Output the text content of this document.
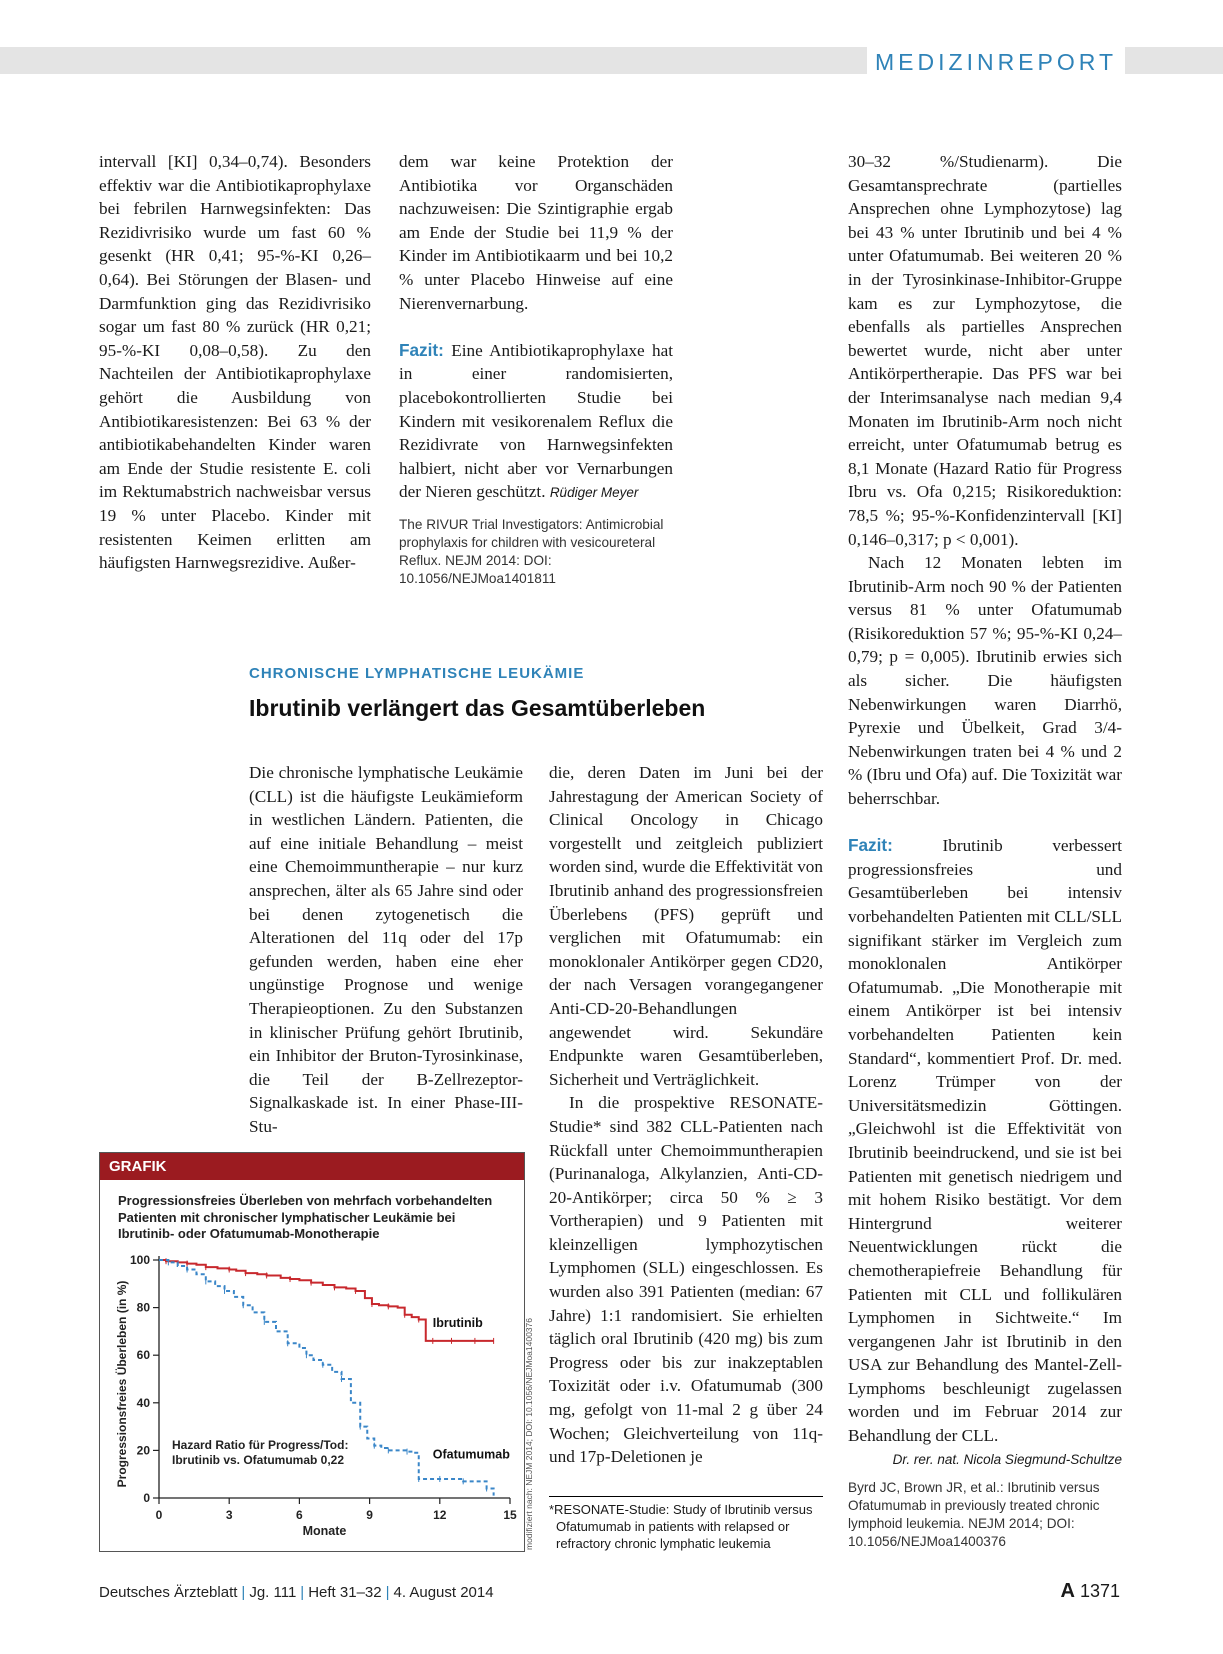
MEDIZINREPORT

intervall [KI] 0,34–0,74). Besonders effektiv war die Antibiotikaprophylaxe bei febrilen Harnwegsinfekten: Das Rezidivrisiko wurde um fast 60 % gesenkt (HR 0,41; 95-%-KI 0,26–0,64). Bei Störungen der Blasen- und Darmfunktion ging das Rezidivrisiko sogar um fast 80 % zurück (HR 0,21; 95-%-KI 0,08–0,58). Zu den Nachteilen der Antibiotikaprophylaxe gehört die Ausbildung von Antibiotikaresistenzen: Bei 63 % der antibiotikabehandelten Kinder waren am Ende der Studie resistente E. coli im Rektumabstrich nachweisbar versus 19 % unter Placebo. Kinder mit resistenten Keimen erlitten am häufigsten Harnwegsrezidive. Außer-

dem war keine Protektion der Antibiotika vor Organschäden nachzuweisen: Die Szintigraphie ergab am Ende der Studie bei 11,9 % der Kinder im Antibiotikaarm und bei 10,2 % unter Placebo Hinweise auf eine Nierenvernarbung.

Fazit: Eine Antibiotikaprophylaxe hat in einer randomisierten, placebokontrollierten Studie bei Kindern mit vesikorenalem Reflux die Rezidivrate von Harnwegsinfekten halbiert, nicht aber vor Vernarbungen der Nieren geschützt. Rüdiger Meyer

The RIVUR Trial Investigators: Antimicrobial prophylaxis for children with vesicoureteral Reflux. NEJM 2014: DOI: 10.1056/NEJMoa1401811
CHRONISCHE LYMPHATISCHE LEUKÄMIE
Ibrutinib verlängert das Gesamtüberleben

Die chronische lymphatische Leukämie (CLL) ist die häufigste Leukämieform in westlichen Ländern. Patienten, die auf eine initiale Behandlung – meist eine Chemoimmuntherapie – nur kurz ansprechen, älter als 65 Jahre sind oder bei denen zytogenetisch die Alterationen del 11q oder del 17p gefunden werden, haben eine eher ungünstige Prognose und wenige Therapieoptionen. Zu den Substanzen in klinischer Prüfung gehört Ibrutinib, ein Inhibitor der Bruton-Tyrosinkinase, die Teil der B-Zellrezeptor-Signalkaskade ist. In einer Phase-III-Stu-

die, deren Daten im Juni bei der Jahrestagung der American Society of Clinical Oncology in Chicago vorgestellt und zeitgleich publiziert worden sind, wurde die Effektivität von Ibrutinib anhand des progressionsfreien Überlebens (PFS) geprüft und verglichen mit Ofatumumab: ein monoklonaler Antikörper gegen CD20, der nach Versagen vorangegangener Anti-CD-20-Behandlungen angewendet wird. Sekundäre Endpunkte waren Gesamtüberleben, Sicherheit und Verträglichkeit.

In die prospektive RESONATE-Studie* sind 382 CLL-Patienten nach Rückfall unter Chemoimmuntherapien (Purinanaloga, Alkylanzien, Anti-CD-20-Antikörper; circa 50 % ≥ 3 Vortherapien) und 9 Patienten mit kleinzelligen lymphozytischen Lymphomen (SLL) eingeschlossen. Es wurden also 391 Patienten (median: 67 Jahre) 1:1 randomisiert. Sie erhielten täglich oral Ibrutinib (420 mg) bis zum Progress oder bis zur inakzeptablen Toxizität oder i.v. Ofatumumab (300 mg, gefolgt von 11-mal 2 g über 24 Wochen; Gleichverteilung von 11q- und 17p-Deletionen je

*RESONATE-Studie: Study of Ibrutinib versus
Ofatumumab in patients with relapsed or
refractory chronic lymphatic leukemia

30–32 %/Studienarm). Die Gesamtansprechrate (partielles Ansprechen ohne Lymphozytose) lag bei 43 % unter Ibrutinib und bei 4 % unter Ofatumumab. Bei weiteren 20 % in der Tyrosinkinase-Inhibitor-Gruppe kam es zur Lymphozytose, die ebenfalls als partielles Ansprechen bewertet wurde, nicht aber unter Antikörpertherapie. Das PFS war bei der Interimsanalyse nach median 9,4 Monaten im Ibrutinib-Arm noch nicht erreicht, unter Ofatumumab betrug es 8,1 Monate (Hazard Ratio für Progress Ibru vs. Ofa 0,215; Risikoreduktion: 78,5 %; 95-%-Konfidenzintervall [KI] 0,146–0,317; p < 0,001).

Nach 12 Monaten lebten im Ibrutinib-Arm noch 90 % der Patienten versus 81 % unter Ofatumumab (Risikoreduktion 57 %; 95-%-KI 0,24–0,79; p = 0,005). Ibrutinib erwies sich als sicher. Die häufigsten Nebenwirkungen waren Diarrhö, Pyrexie und Übelkeit, Grad 3/4-Nebenwirkungen traten bei 4 % und 2 % (Ibru und Ofa) auf. Die Toxizität war beherrschbar.

Fazit:	Ibrutinib verbessert progressionsfreies und Gesamtüberleben bei intensiv vorbehandelten Patienten mit CLL/SLL signifikant stärker im Vergleich zum monoklonalen Antikörper Ofatumumab. „Die Monotherapie mit einem Antikörper ist bei intensiv vorbehandelten Patienten kein Standard“, kommentiert Prof. Dr. med. Lorenz Trümper von der Universitätsmedizin Göttingen. „Gleichwohl ist die Effektivität von Ibrutinib beeindruckend, und sie ist bei Patienten mit genetisch niedrigem und mit hohem Risiko bestätigt. Vor dem Hintergrund weiterer Neuentwicklungen rückt die chemotherapiefreie Behandlung für Patienten mit CLL und follikulären Lymphomen in Sichtweite.“ Im vergangenen Jahr ist Ibrutinib in den USA zur Behandlung des Mantel-Zell-Lymphoms beschleunigt zugelassen worden und im Februar 2014 zur Behandlung der CLL.
Dr. rer. nat. Nicola Siegmund-Schultze

Byrd JC, Brown JR, et al.: Ibrutinib versus Ofatumumab in previously treated chronic lymphoid leukemia. NEJM 2014; DOI: 10.1056/NEJMoa1400376
GRAFIK
Progressionsfreies Überleben von mehrfach vorbehandelten Patienten mit chronischer lymphatischer Leukämie bei Ibrutinib- oder Ofatumumab-Monotherapie
0
20
40
60
80
100
0	3	6	9	12	15
Monate
Progressionsfreies Überleben (in %)	Ibrutinib
Ofatumumab
Hazard Ratio für Progress/Tod:
Ibrutinib vs. Ofatumumab 0,22	modifiziert nach: NEJM 2014; DOI: 10.1056/NEJMoa1400376
Deutsches Ärzteblatt | Jg. 111 | Heft 31–32 | 4. August 2014	A 1371
